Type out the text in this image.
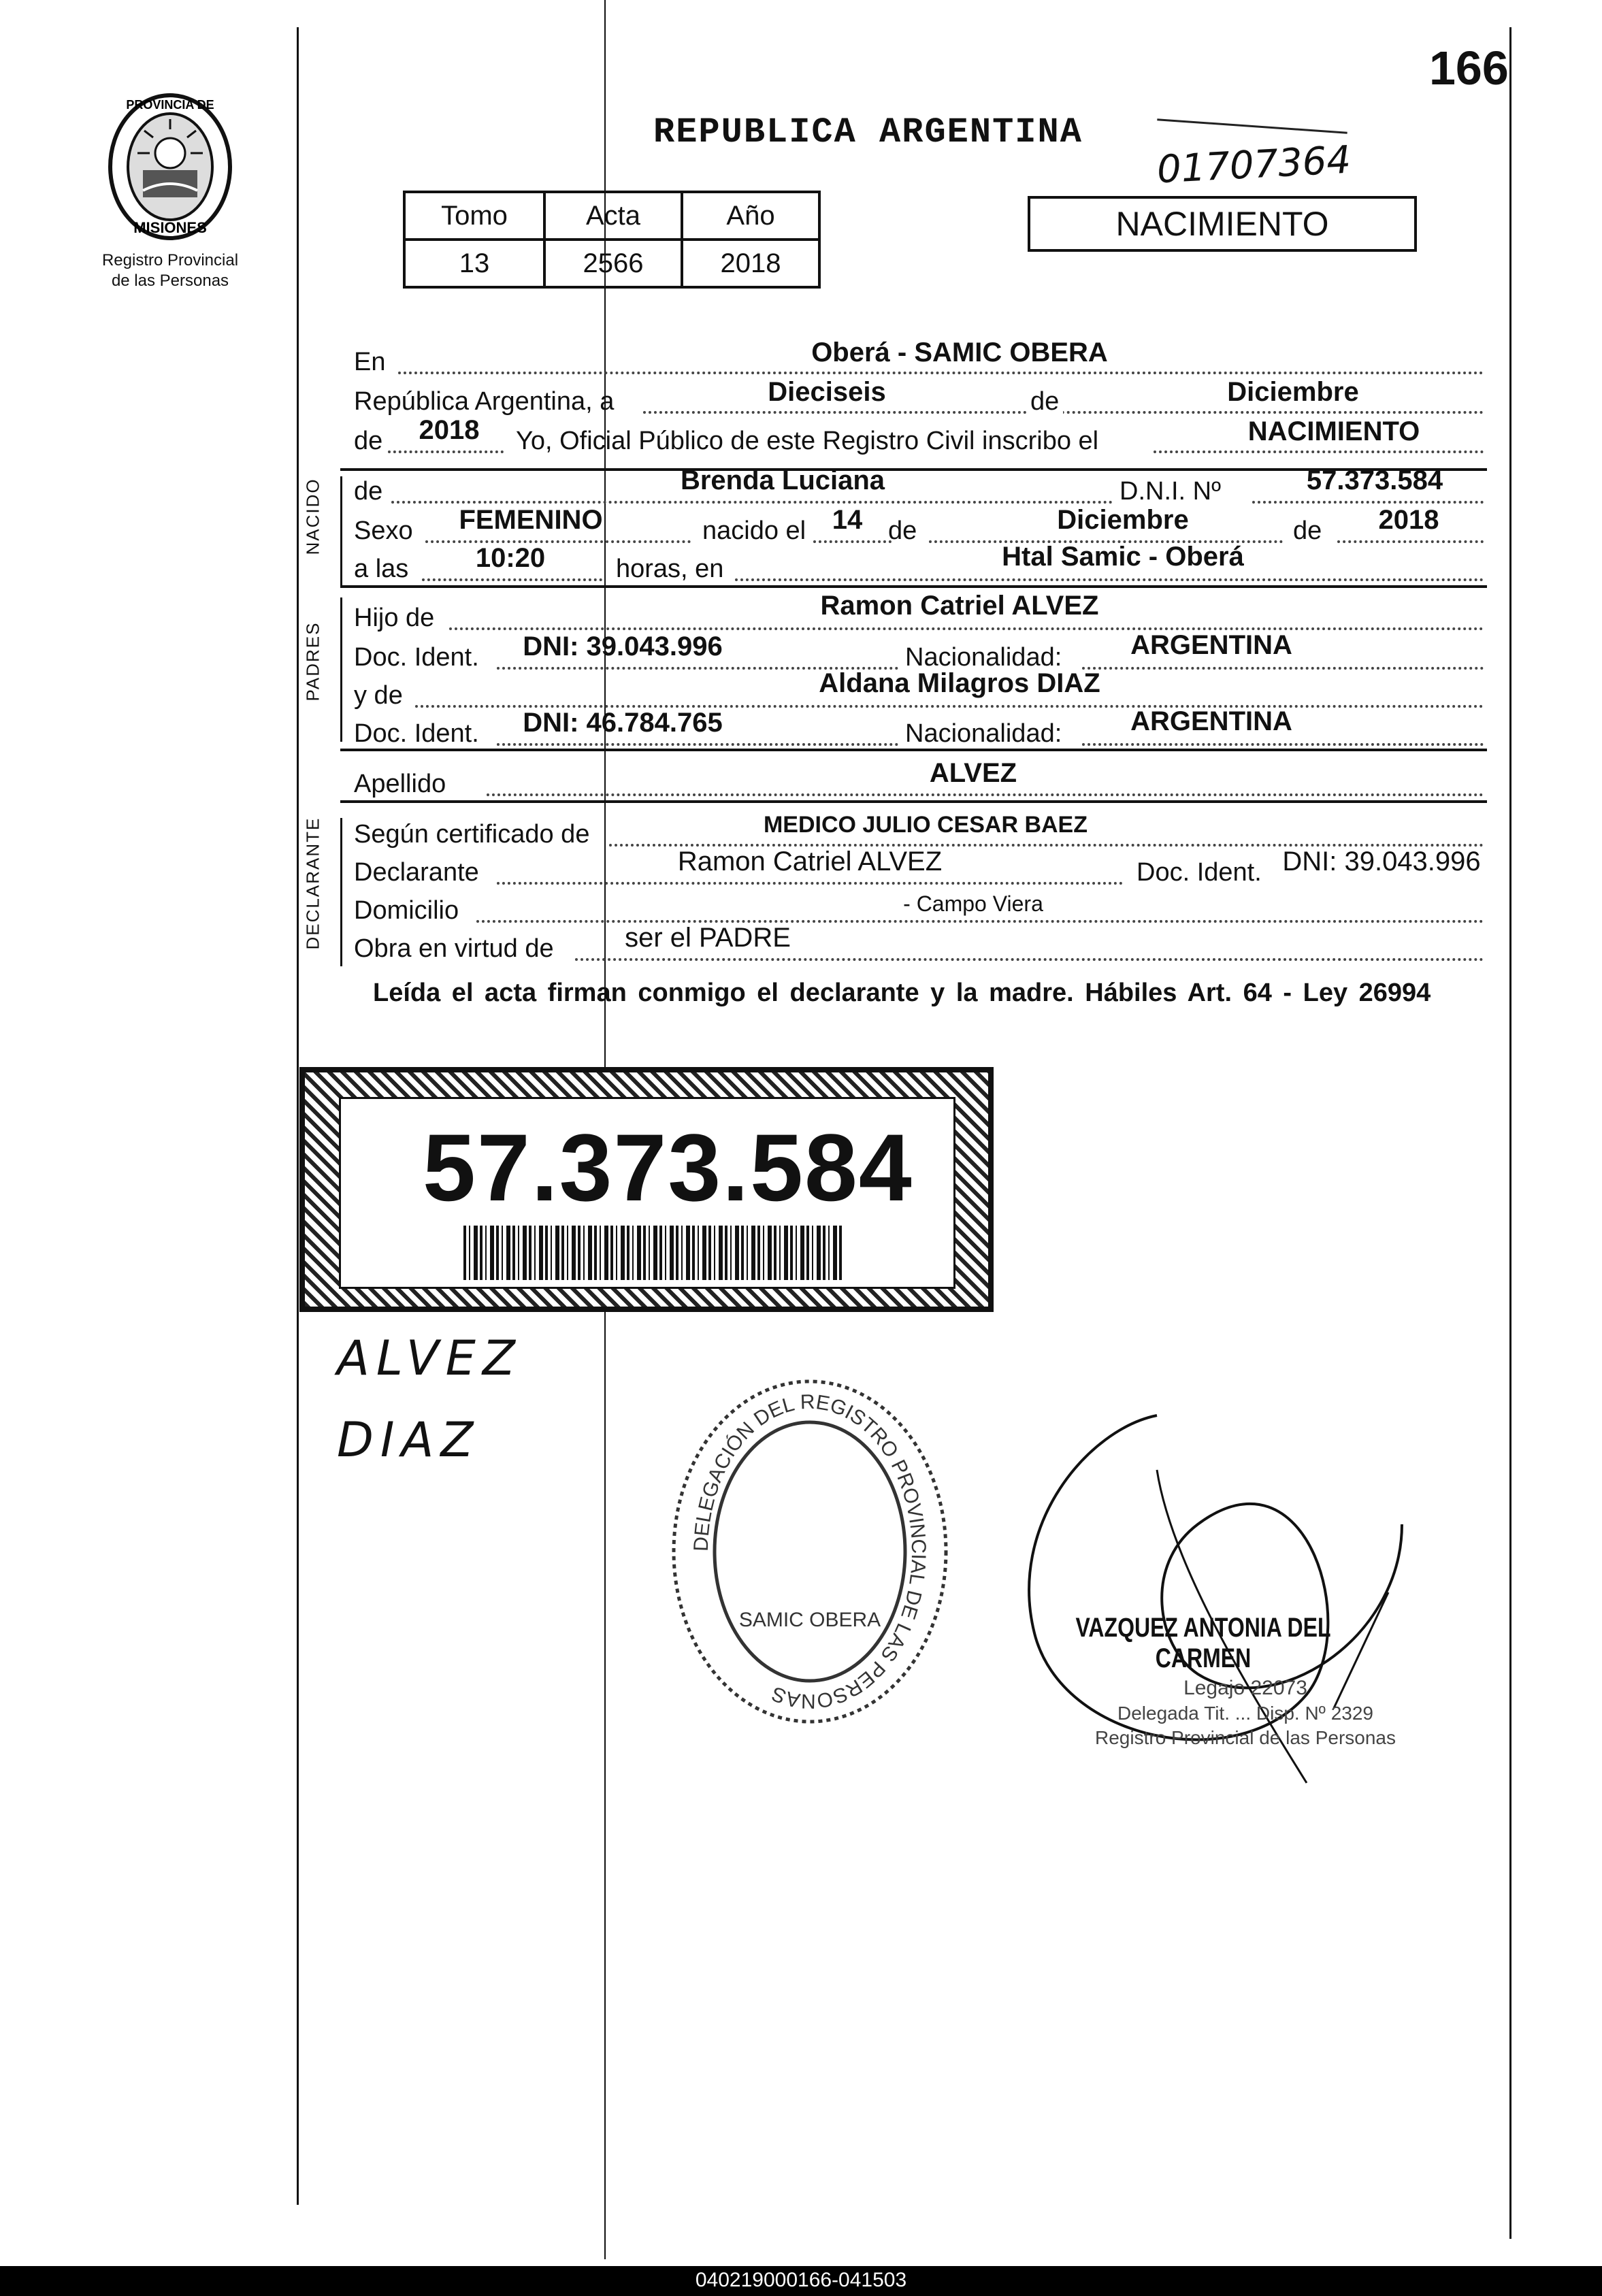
166
PROVINCIA DE
MISIONES
Registro Provincial
de las Personas
REPUBLICA ARGENTINA
01707364
NACIMIENTO
Tomo	Acta	Año
13	2566	2018
En	Oberá - SAMIC OBERA
República Argentina, a	Dieciseis	de	Diciembre
de	2018	Yo, Oficial Público de este Registro Civil inscribo el	NACIMIENTO
NACIDO de	Brenda Luciana	D.N.I. Nº	57.373.584
Sexo	FEMENINO	nacido el 14 de	Diciembre	de	2018
a las	10:20	horas, en	Htal Samic - Oberá
PADRES
Hijo de	Ramon Catriel ALVEZ
Doc. Ident.	DNI: 39.043.996	Nacionalidad:	ARGENTINA
y de	Aldana Milagros DIAZ
Doc. Ident.	DNI: 46.784.765	Nacionalidad:	ARGENTINA
Apellido	ALVEZ
DECLARANTE Según certificado de	MEDICO JULIO CESAR BAEZ
Declarante	Ramon Catriel ALVEZ	Doc. Ident. DNI: 39.043.996
Domicilio	- Campo Viera
Obra en virtud de	ser el PADRE
Leída el acta firman conmigo el declarante y la madre. Hábiles Art. 64 - Ley 26994
57.373.584
ALVEZ
DIAZ
DELEGACIÓN DEL REGISTRO PROVINCIAL DE LAS PERSONAS
SAMIC OBERA	VAZQUEZ ANTONIA DEL CARMEN
Legajo 22073
Delegada Tit. ... Disp. Nº 2329
Registro Provincial de las Personas
040219000166-041503
